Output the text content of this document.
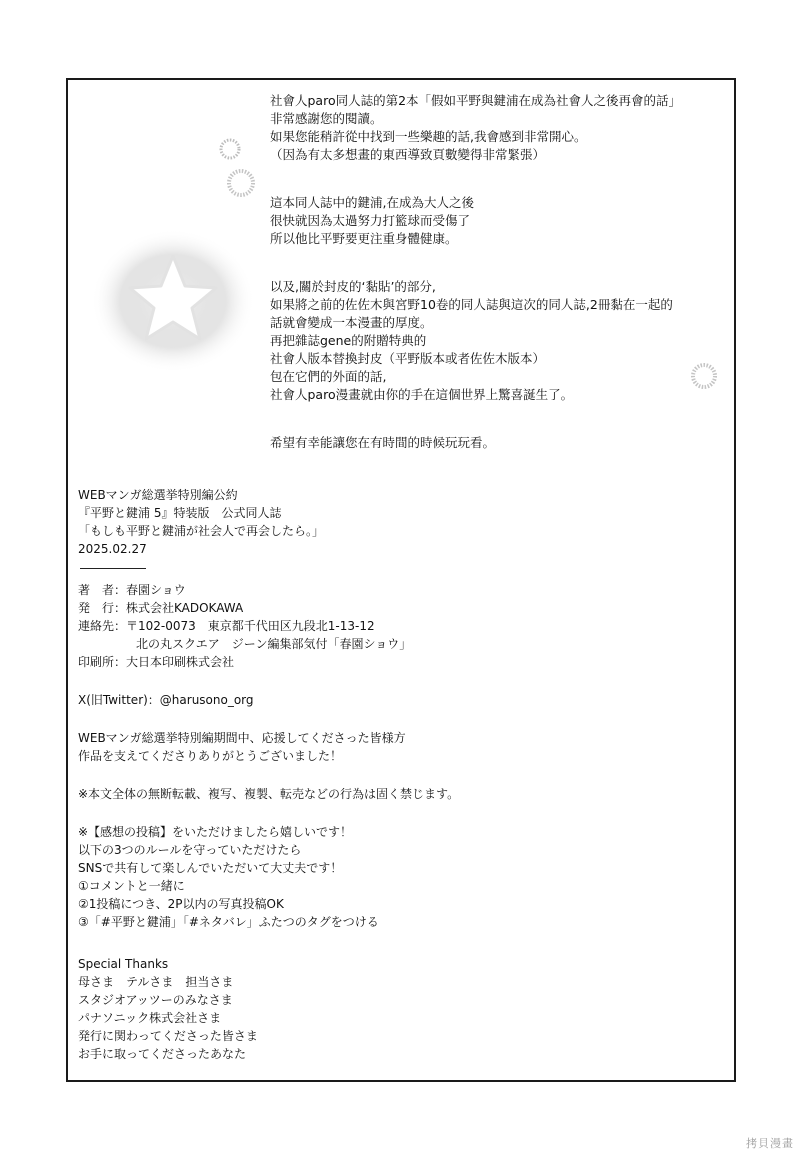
社會人paro同人誌的第2本「假如平野與鍵浦在成為社會人之後再會的話」

非常感謝您的閱讀。

如果您能稍許從中找到一些樂趣的話,我會感到非常開心。

（因為有太多想畫的東西導致頁數變得非常緊張）

這本同人誌中的鍵浦,在成為大人之後

很快就因為太過努力打籃球而受傷了

所以他比平野要更注重身體健康。

以及,關於封皮的‘黏貼’的部分,

如果將之前的佐佐木與宮野10卷的同人誌與這次的同人誌,2冊黏在一起的

話就會變成一本漫畫的厚度。

再把雜誌gene的附贈特典的

社會人版本替換封皮（平野版本或者佐佐木版本）

包在它們的外面的話,

社會人paro漫畫就由你的手在這個世界上驚喜誕生了。

希望有幸能讓您在有時間的時候玩玩看。

WEBマンガ総選挙特別編公約

『平野と鍵浦 5』特装版　公式同人誌

「もしも平野と鍵浦が社会人で再会したら。」

2025.02.27

著　者：春園ショウ

発　行：株式会社KADOKAWA

連絡先：〒102-0073　東京都千代田区九段北1-13-12

北の丸スクエア　ジーン編集部気付「春園ショウ」

印刷所：大日本印刷株式会社

X(旧Twitter)：@harusono_org

WEBマンガ総選挙特別編期間中、応援してくださった皆様方

作品を支えてくださりありがとうございました！

※本文全体の無断転載、複写、複製、転売などの行為は固く禁じます。

※【感想の投稿】をいただけましたら嬉しいです！

以下の3つのルールを守っていただけたら

SNSで共有して楽しんでいただいて大丈夫です！

①コメントと一緒に

②1投稿につき、2P以内の写真投稿OK

③「#平野と鍵浦」「#ネタバレ」ふたつのタグをつける

Special Thanks

母さま　テルさま　担当さま

スタジオアッツーのみなさま

パナソニック株式会社さま

発行に関わってくださった皆さま

お手に取ってくださったあなた

拷貝漫畫
